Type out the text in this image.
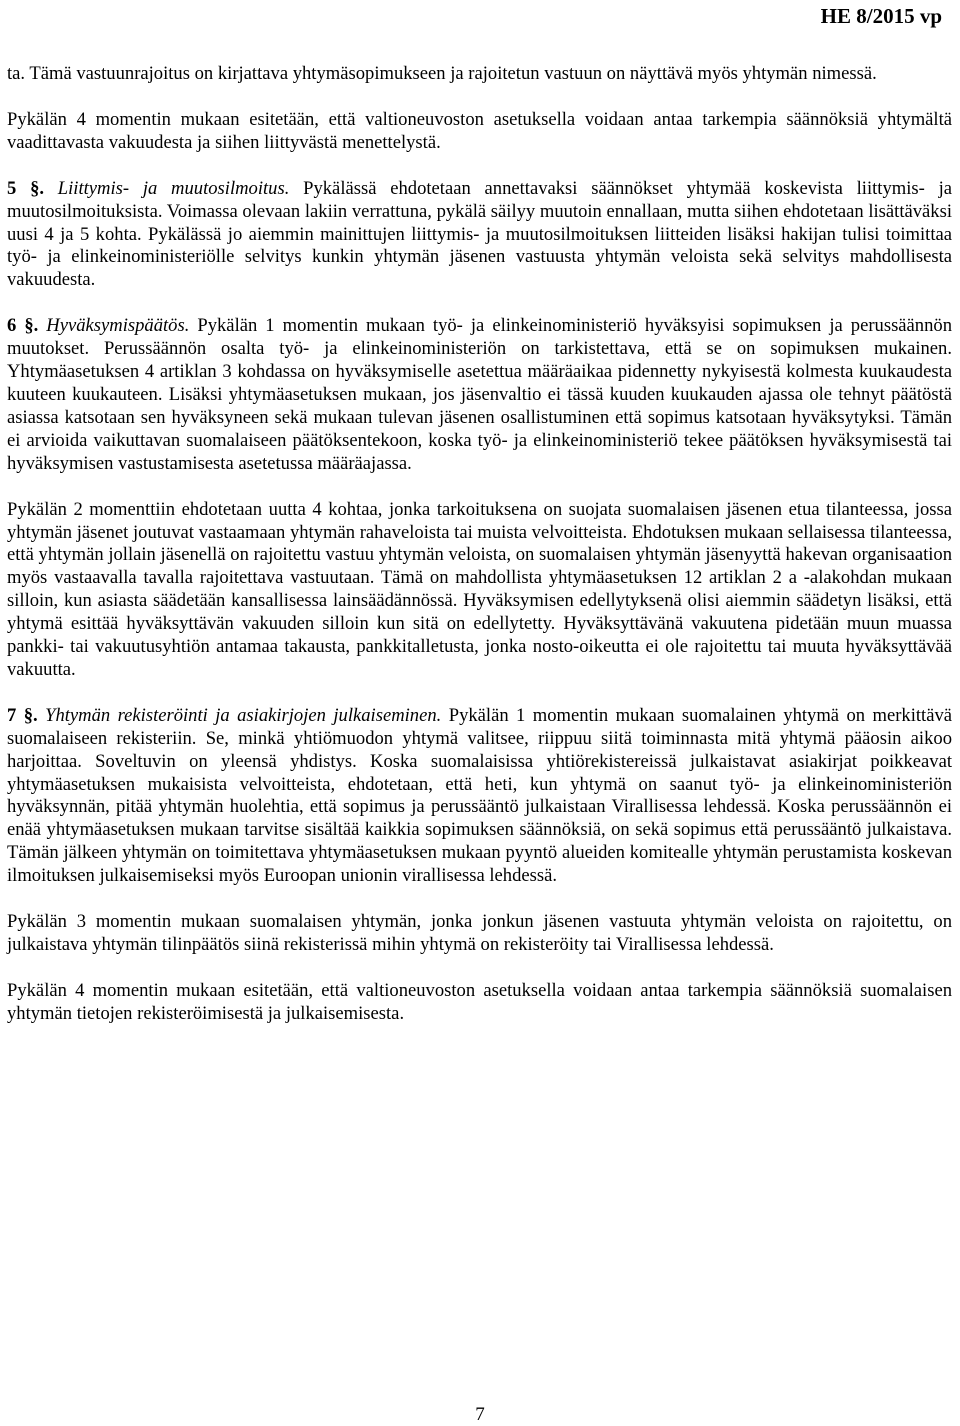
HE 8/2015 vp

ta. Tämä vastuunrajoitus on kirjattava yhtymäsopimukseen ja rajoitetun vastuun on näyttävä myös yhtymän nimessä.

Pykälän 4 momentin mukaan esitetään, että valtioneuvoston asetuksella voidaan antaa tarkempia säännöksiä yhtymältä vaadittavasta vakuudesta ja siihen liittyvästä menettelystä.

5 §. Liittymis- ja muutosilmoitus. Pykälässä ehdotetaan annettavaksi säännökset yhtymää koskevista liittymis- ja muutosilmoituksista. Voimassa olevaan lakiin verrattuna, pykälä säilyy muutoin ennallaan, mutta siihen ehdotetaan lisättäväksi uusi 4 ja 5 kohta. Pykälässä jo aiemmin mainittujen liittymis- ja muutosilmoituksen liitteiden lisäksi hakijan tulisi toimittaa työ- ja elinkeinoministeriölle selvitys kunkin yhtymän jäsenen vastuusta yhtymän veloista sekä selvitys mahdollisesta vakuudesta.

6 §. Hyväksymispäätös. Pykälän 1 momentin mukaan työ- ja elinkeinoministeriö hyväksyisi sopimuksen ja perussäännön muutokset. Perussäännön osalta työ- ja elinkeinoministeriön on tarkistettava, että se on sopimuksen mukainen. Yhtymäasetuksen 4 artiklan 3 kohdassa on hyväksymiselle asetettua määräaikaa pidennetty nykyisestä kolmesta kuukaudesta kuuteen kuukauteen. Lisäksi yhtymäasetuksen mukaan, jos jäsenvaltio ei tässä kuuden kuukauden ajassa ole tehnyt päätöstä asiassa katsotaan sen hyväksyneen sekä mukaan tulevan jäsenen osallistuminen että sopimus katsotaan hyväksytyksi. Tämän ei arvioida vaikuttavan suomalaiseen päätöksentekoon, koska työ- ja elinkeinoministeriö tekee päätöksen hyväksymisestä tai hyväksymisen vastustamisesta asetetussa määräajassa.

Pykälän 2 momenttiin ehdotetaan uutta 4 kohtaa, jonka tarkoituksena on suojata suomalaisen jäsenen etua tilanteessa, jossa yhtymän jäsenet joutuvat vastaamaan yhtymän rahaveloista tai muista velvoitteista. Ehdotuksen mukaan sellaisessa tilanteessa, että yhtymän jollain jäsenellä on rajoitettu vastuu yhtymän veloista, on suomalaisen yhtymän jäsenyyttä hakevan organisaation myös vastaavalla tavalla rajoitettava vastuutaan. Tämä on mahdollista yhtymäasetuksen 12 artiklan 2 a -alakohdan mukaan silloin, kun asiasta säädetään kansallisessa lainsäädännössä. Hyväksymisen edellytyksenä olisi aiemmin säädetyn lisäksi, että yhtymä esittää hyväksyttävän vakuuden silloin kun sitä on edellytetty. Hyväksyttävänä vakuutena pidetään muun muassa pankki- tai vakuutusyhtiön antamaa takausta, pankkitalletusta, jonka nosto-oikeutta ei ole rajoitettu tai muuta hyväksyttävää vakuutta.

7 §. Yhtymän rekisteröinti ja asiakirjojen julkaiseminen. Pykälän 1 momentin mukaan suomalainen yhtymä on merkittävä suomalaiseen rekisteriin. Se, minkä yhtiömuodon yhtymä valitsee, riippuu siitä toiminnasta mitä yhtymä pääosin aikoo harjoittaa. Soveltuvin on yleensä yhdistys. Koska suomalaisissa yhtiörekistereissä julkaistavat asiakirjat poikkeavat yhtymäasetuksen mukaisista velvoitteista, ehdotetaan, että heti, kun yhtymä on saanut työ- ja elinkeinoministeriön hyväksynnän, pitää yhtymän huolehtia, että sopimus ja perussääntö julkaistaan Virallisessa lehdessä. Koska perussäännön ei enää yhtymäasetuksen mukaan tarvitse sisältää kaikkia sopimuksen säännöksiä, on sekä sopimus että perussääntö julkaistava. Tämän jälkeen yhtymän on toimitettava yhtymäasetuksen mukaan pyyntö alueiden komitealle yhtymän perustamista koskevan ilmoituksen julkaisemiseksi myös Euroopan unionin virallisessa lehdessä.

Pykälän 3 momentin mukaan suomalaisen yhtymän, jonka jonkun jäsenen vastuuta yhtymän veloista on rajoitettu, on julkaistava yhtymän tilinpäätös siinä rekisterissä mihin yhtymä on rekisteröity tai Virallisessa lehdessä.

Pykälän 4 momentin mukaan esitetään, että valtioneuvoston asetuksella voidaan antaa tarkempia säännöksiä suomalaisen yhtymän tietojen rekisteröimisestä ja julkaisemisesta.

7
